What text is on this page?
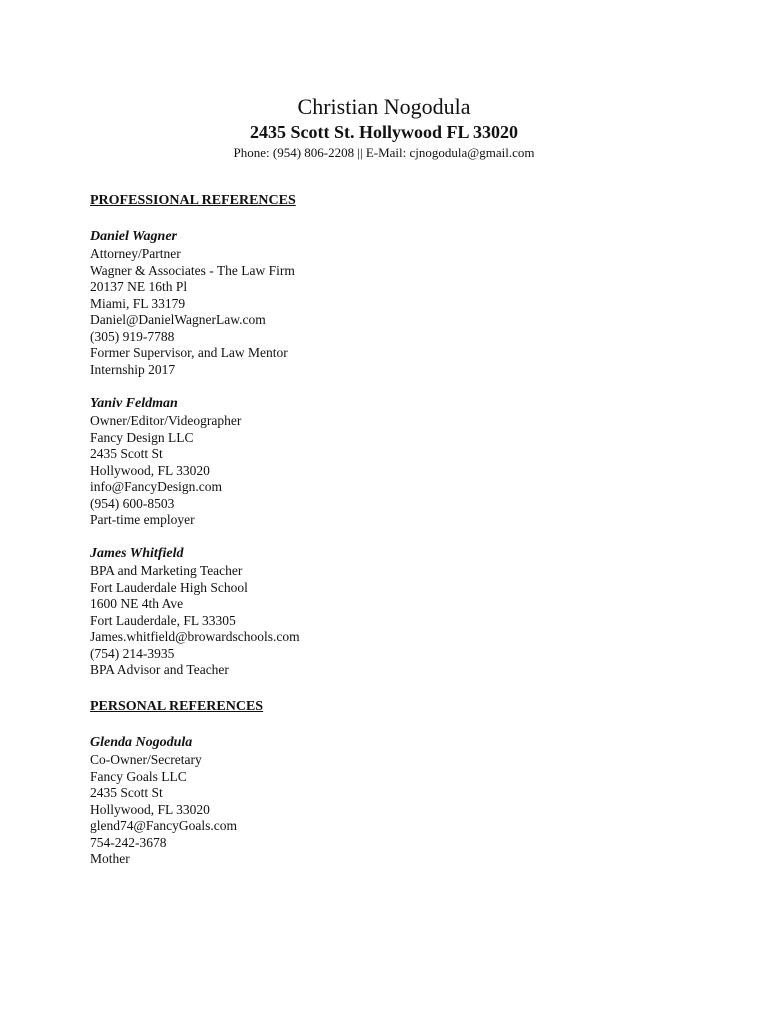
Christian Nogodula

2435 Scott St. Hollywood FL 33020

Phone: (954) 806-2208 || E-Mail: cjnogodula@gmail.com

PROFESSIONAL REFERENCES

Daniel Wagner

Attorney/Partner

Wagner & Associates - The Law Firm

20137 NE 16th Pl

Miami, FL 33179

Daniel@DanielWagnerLaw.com

(305) 919-7788

Former Supervisor, and Law Mentor

Internship 2017

Yaniv Feldman

Owner/Editor/Videographer

Fancy Design LLC

2435 Scott St

Hollywood, FL 33020

info@FancyDesign.com

(954) 600-8503

Part-time employer

James Whitfield

BPA and Marketing Teacher

Fort Lauderdale High School

1600 NE 4th Ave

Fort Lauderdale, FL 33305

James.whitfield@browardschools.com

(754) 214-3935

BPA Advisor and Teacher

PERSONAL REFERENCES

Glenda Nogodula

Co-Owner/Secretary

Fancy Goals LLC

2435 Scott St

Hollywood, FL 33020

glend74@FancyGoals.com

754-242-3678

Mother
